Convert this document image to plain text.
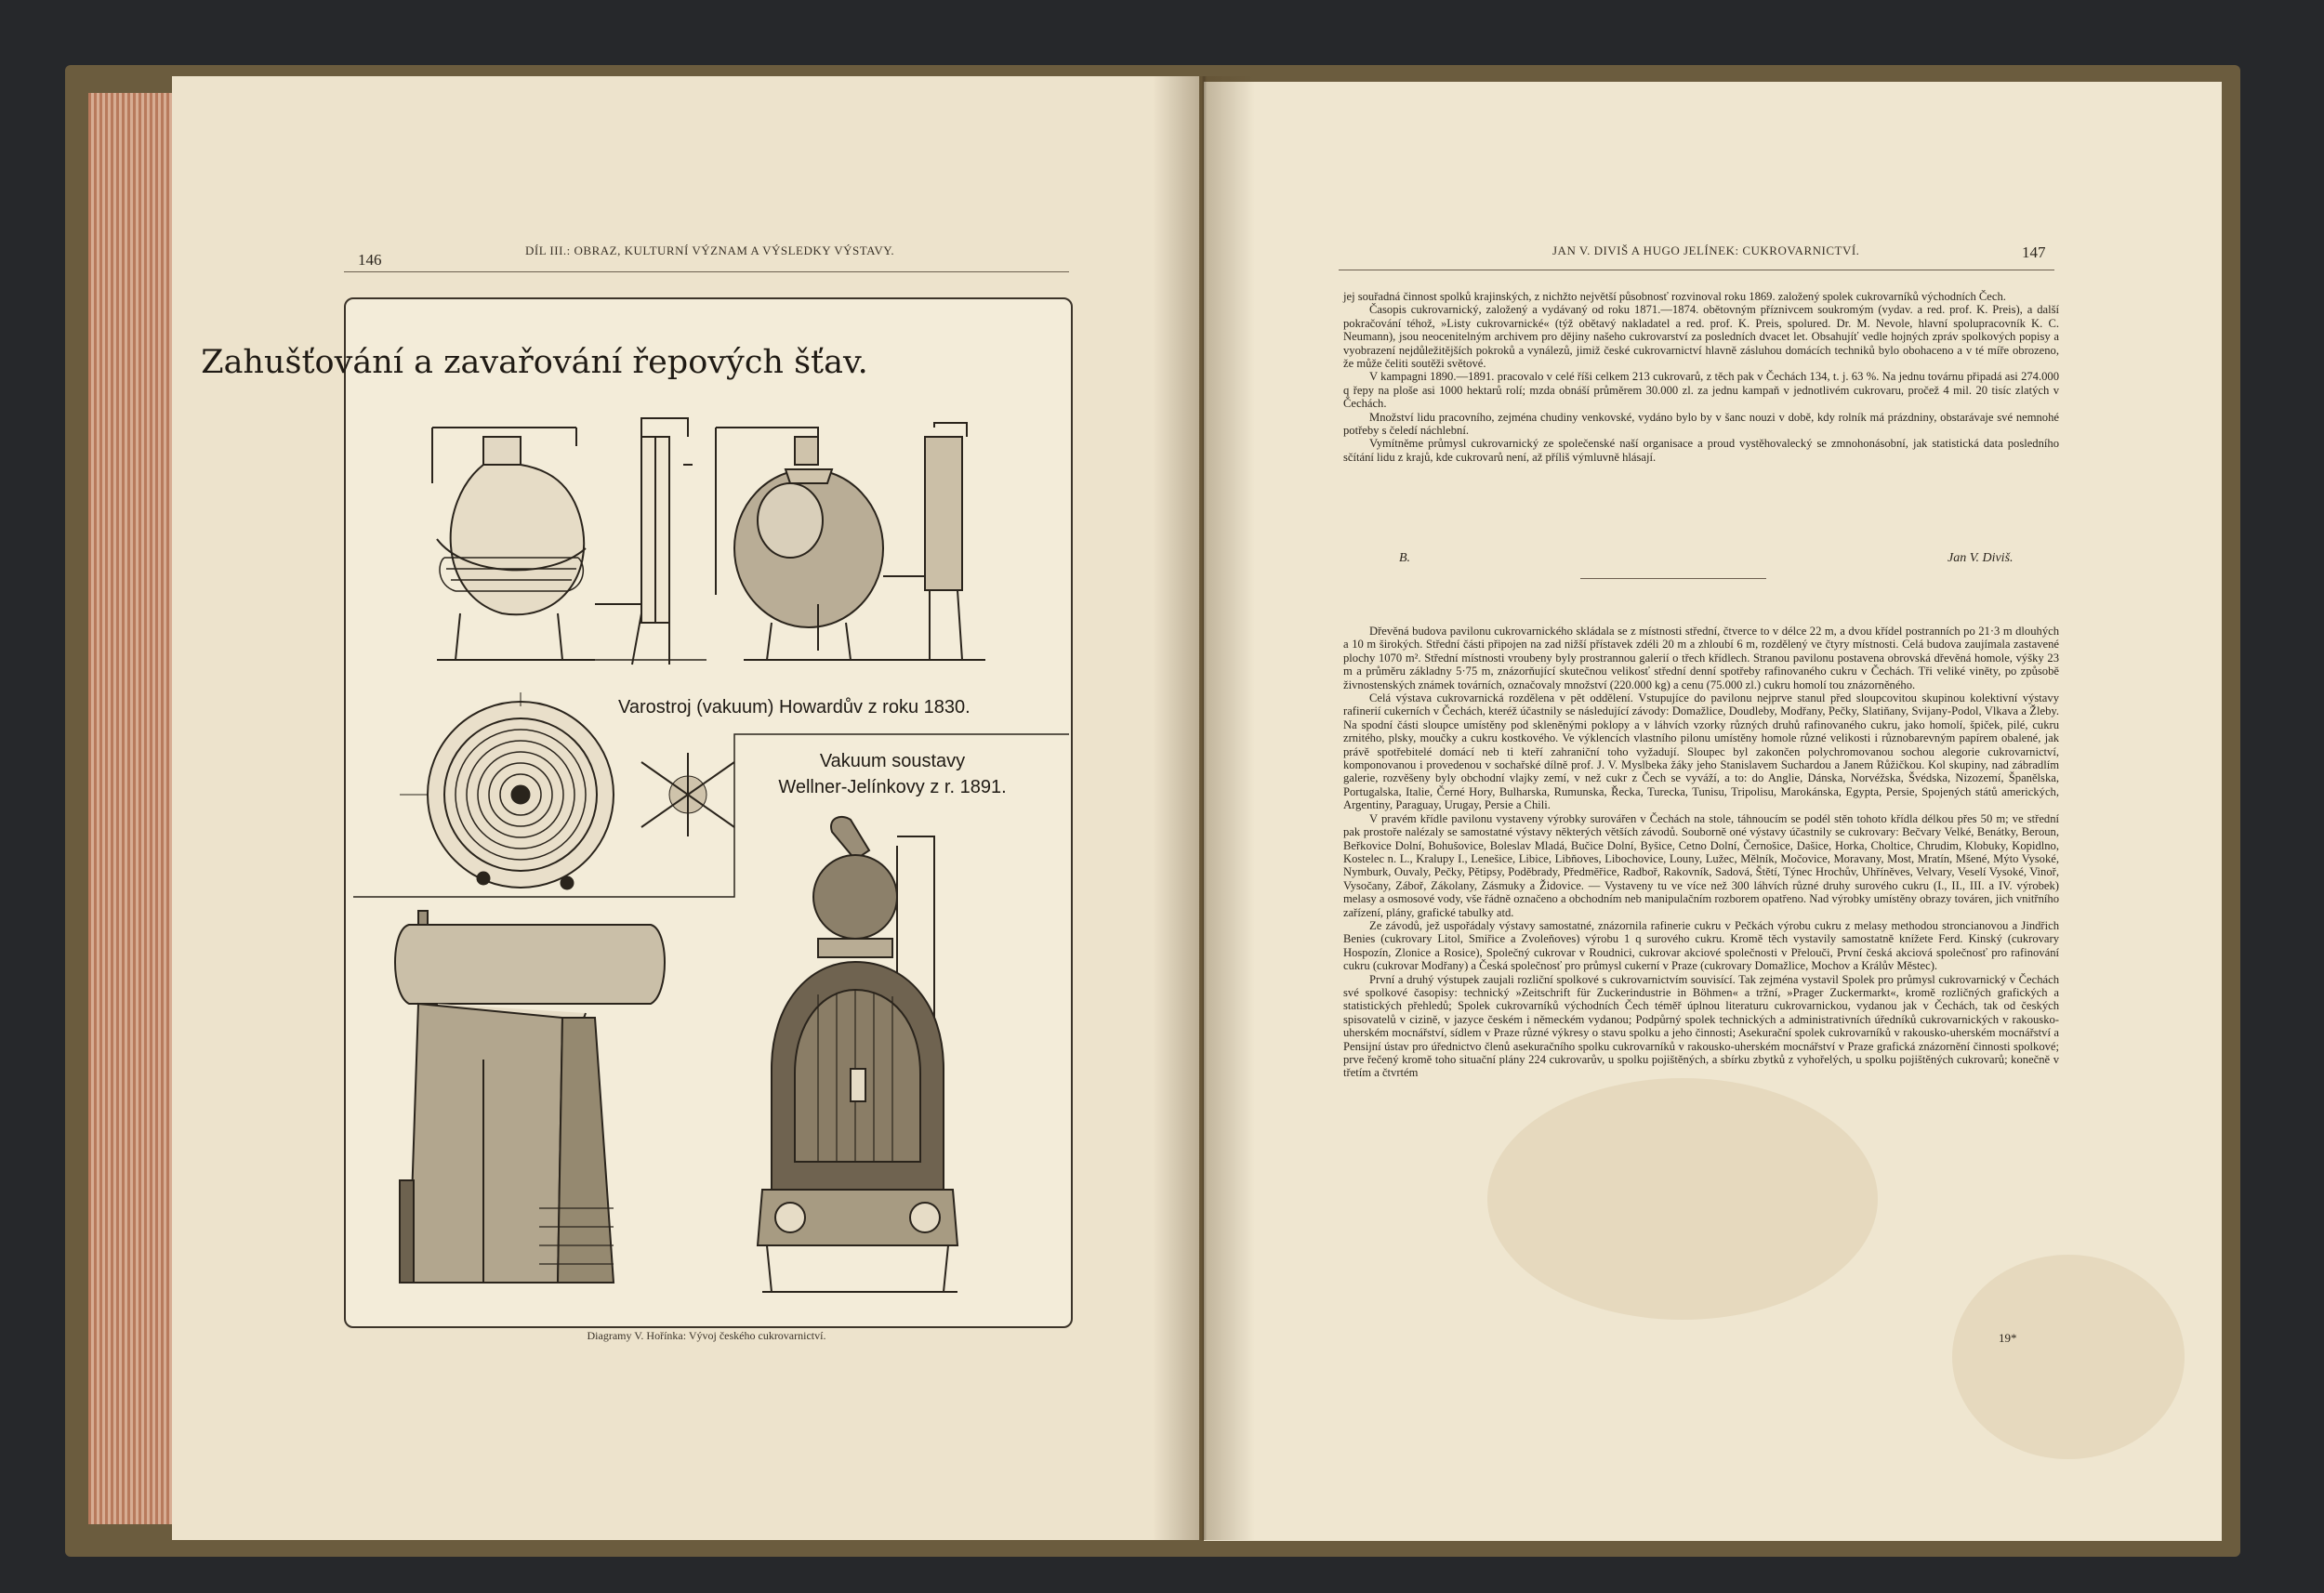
146
DÍL III.: OBRAZ, KULTURNÍ VÝZNAM A VÝSLEDKY VÝSTAVY.
Zahušťování a zavařování řepových šťav.
Varostroj (vakuum) Howardův z roku 1830.
Vakuum soustavy
Wellner-Jelínkovy z r. 1891.
Diagramy V. Hořínka: Vývoj českého cukrovarnictví.
JAN V. DIVIŠ A HUGO JELÍNEK: CUKROVARNICTVÍ.	147

jej souřadná činnost spolků krajinských, z nichžto největší působnosť rozvinoval roku 1869. založený spolek cukrovarníků východních Čech.

Časopis cukrovarnický, založený a vydávaný od roku 1871.—1874. obětovným příznivcem soukromým (vydav. a red. prof. K. Preis), a další pokračování téhož, »Listy cukrovarnické« (týž obětavý nakladatel a red. prof. K. Preis, spolured. Dr. M. Nevole, hlavní spolupracovník K. C. Neumann), jsou neocenitelným archivem pro dějiny našeho cukrovarství za posledních dvacet let. Obsahujíť vedle hojných zpráv spolkových popisy a vyobrazení nejdůležitějších pokroků a vynálezů, jimiž české cukrovarnictví hlavně zásluhou domácích techniků bylo obohaceno a v té míře obrozeno, že může čeliti soutěži světové.

V kampagni 1890.—1891. pracovalo v celé říši celkem 213 cukrovarů, z těch pak v Čechách 134, t. j. 63 %. Na jednu továrnu připadá asi 274.000 q řepy na ploše asi 1000 hektarů rolí; mzda obnáší průměrem 30.000 zl. za jednu kampaň v jednotlivém cukrovaru, pročež 4 mil. 20 tisíc zlatých v Čechách.

Množství lidu pracovního, zejména chudiny venkovské, vydáno bylo by v šanc nouzi v době, kdy rolník má prázdniny, obstarávaje své nemnohé potřeby s čeledí náchlební.

Vymítněme průmysl cukrovarnický ze společenské naší organisace a proud vystěhovalecký se zmnohonásobní, jak statistická data posledního sčítání lidu z krajů, kde cukrovarů není, až příliš výmluvně hlásají.

B.	Jan V. Diviš.

Dřevěná budova pavilonu cukrovarnického skládala se z místnosti střední, čtverce to v délce 22 m, a dvou křídel postranních po 21·3 m dlouhých a 10 m širokých. Střední části připojen na zad nižší přístavek zdéli 20 m a zhloubí 6 m, rozdělený ve čtyry místnosti. Celá budova zaujímala zastavené plochy 1070 m². Střední místnosti vroubeny byly prostrannou galerií o třech křídlech. Stranou pavilonu postavena obrovská dřevěná homole, výšky 23 m a průměru základny 5·75 m, znázorňující skutečnou velikosť střední denní spotřeby rafinovaného cukru v Čechách. Tři veliké viněty, po způsobě živnostenských známek továrních, označovaly množství (220.000 kg) a cenu (75.000 zl.) cukru homolí tou znázorněného.

Celá výstava cukrovarnická rozdělena v pět oddělení. Vstupujíce do pavilonu nejprve stanul před sloupcovitou skupinou kolektivní výstavy rafinerií cukerních v Čechách, kteréž účastnily se následující závody: Domažlice, Doudleby, Modřany, Pečky, Slatiňany, Svijany-Podol, Vlkava a Žleby. Na spodní části sloupce umístěny pod skleněnými poklopy a v láhvích vzorky různých druhů rafinovaného cukru, jako homolí, špiček, pilé, cukru zrnitého, plsky, moučky a cukru kostkového. Ve výklencích vlastního pilonu umístěny homole různé velikosti i různobarevným papírem obalené, jak právě spotřebitelé domácí neb ti kteří zahraniční toho vyžadují. Sloupec byl zakončen polychromovanou sochou alegorie cukrovarnictví, komponovanou i provedenou v sochařské dílně prof. J. V. Myslbeka žáky jeho Stanislavem Suchardou a Janem Růžičkou. Kol skupiny, nad zábradlím galerie, rozvěšeny byly obchodní vlajky zemí, v než cukr z Čech se vyváží, a to: do Anglie, Dánska, Norvéžska, Švédska, Nizozemí, Španělska, Portugalska, Italie, Černé Hory, Bulharska, Rumunska, Řecka, Turecka, Tunisu, Tripolisu, Marokánska, Egypta, Persie, Spojených států amerických, Argentiny, Paraguay, Urugay, Persie a Chili.

V pravém křídle pavilonu vystaveny výrobky surovářen v Čechách na stole, táhnoucím se podél stěn tohoto křídla délkou přes 50 m; ve střední pak prostoře nalézaly se samostatné výstavy některých větších závodů. Souborně oné výstavy účastnily se cukrovary: Bečvary Velké, Benátky, Beroun, Beřkovice Dolní, Bohušovice, Boleslav Mladá, Bučice Dolní, Byšice, Cetno Dolní, Černošice, Dašice, Horka, Choltice, Chrudim, Klobuky, Kopidlno, Kostelec n. L., Kralupy I., Lenešice, Libice, Libňoves, Libochovice, Louny, Lužec, Mělník, Močovice, Moravany, Most, Mratín, Mšené, Mýto Vysoké, Nymburk, Ouvaly, Pečky, Pětipsy, Poděbrady, Předměřice, Radboř, Rakovník, Sadová, Štětí, Týnec Hrochův, Uhříněves, Velvary, Veselí Vysoké, Vinoř, Vysočany, Záboř, Zákolany, Zásmuky a Židovice. — Vystaveny tu ve více než 300 láhvích různé druhy surového cukru (I., II., III. a IV. výrobek) melasy a osmosové vody, vše řádně označeno a obchodním neb manipulačním rozborem opatřeno. Nad výrobky umístěny obrazy továren, jich vnitřního zařízení, plány, grafické tabulky atd.

Ze závodů, jež uspořádaly výstavy samostatné, znázornila rafinerie cukru v Pečkách výrobu cukru z melasy methodou stroncianovou a Jindřich Benies (cukrovary Litol, Smiřice a Zvoleňoves) výrobu 1 q surového cukru. Kromě těch vystavily samostatně knížete Ferd. Kinský (cukrovary Hospozín, Zlonice a Rosice), Společný cukrovar v Roudnici, cukrovar akciové společnosti v Přelouči, První česká akciová společnosť pro rafinování cukru (cukrovar Modřany) a Česká společnosť pro průmysl cukerní v Praze (cukrovary Domažlice, Mochov a Králův Městec).

První a druhý výstupek zaujali rozliční spolkové s cukrovarnictvím souvisící. Tak zejména vystavil Spolek pro průmysl cukrovarnický v Čechách své spolkové časopisy: technický »Zeitschrift für Zuckerindustrie in Böhmen« a tržní, »Prager Zuckermarkt«, kromě rozličných grafických a statistických přehledů; Spolek cukrovarníků východních Čech téměř úplnou literaturu cukrovarnickou, vydanou jak v Čechách, tak od českých spisovatelů v cizině, v jazyce českém i německém vydanou; Podpůrný spolek technických a administrativních úředníků cukrovarnických v rakousko-uherském mocnářství, sídlem v Praze různé výkresy o stavu spolku a jeho činnosti; Asekurační spolek cukrovarníků v rakousko-uherském mocnářství a Pensijní ústav pro úřednictvo členů asekuračního spolku cukrovarníků v rakousko-uherském mocnářství v Praze grafická znázornění činnosti spolkové; prve řečený kromě toho situační plány 224 cukrovarův, u spolku pojištěných, a sbírku zbytků z vyhořelých, u spolku pojištěných cukrovarů; konečně v třetím a čtvrtém

19*
